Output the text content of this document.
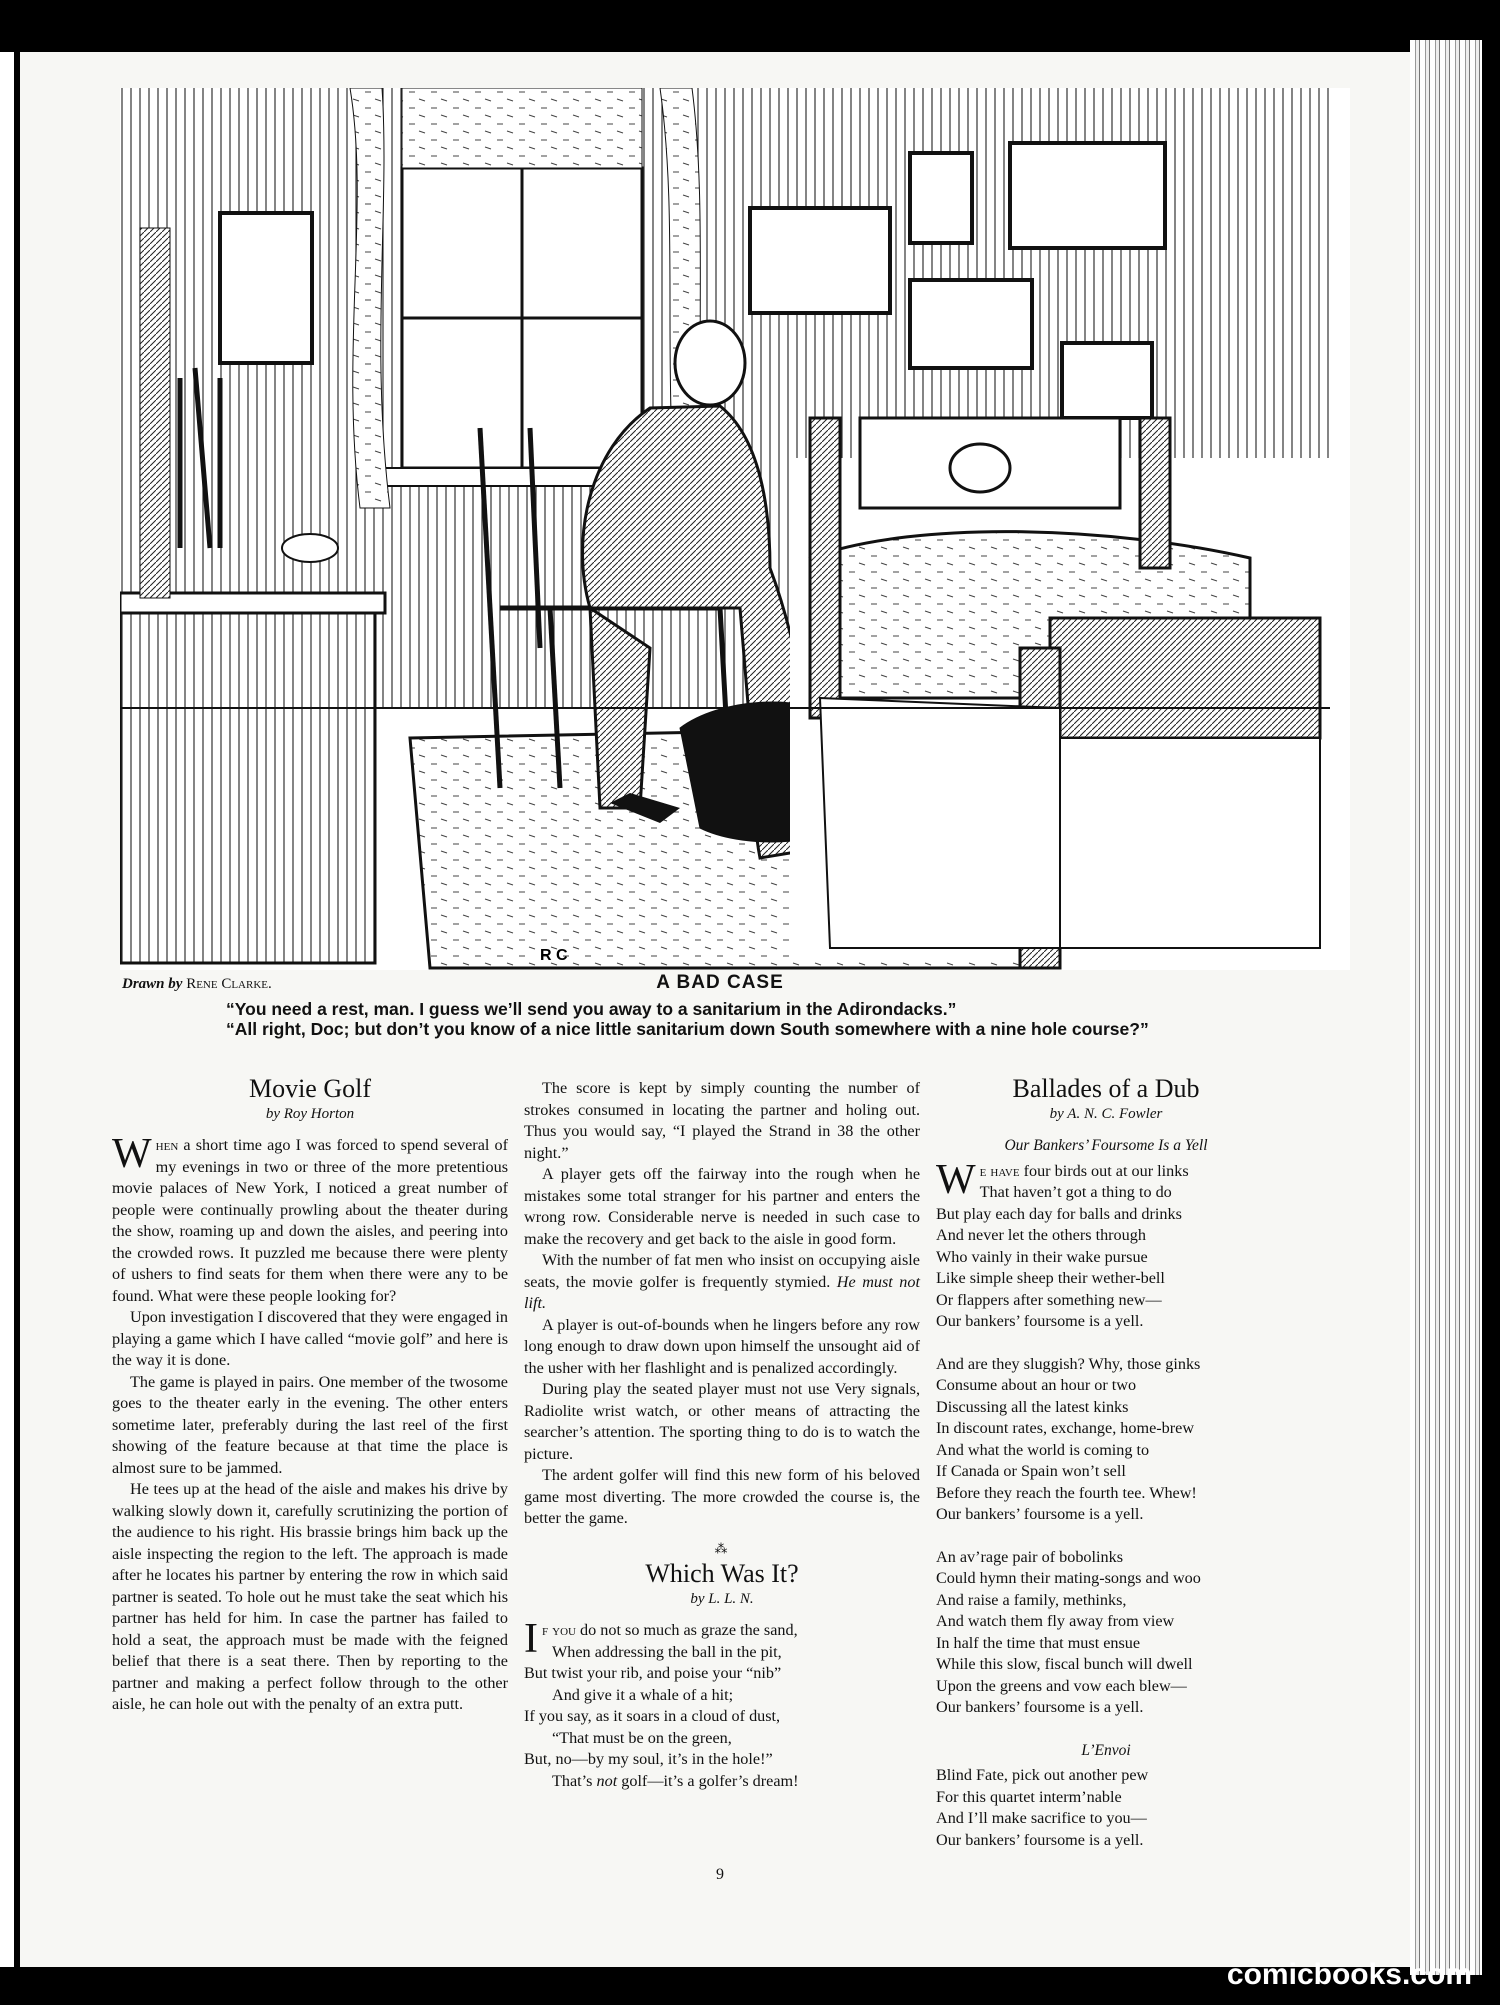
R C
Drawn by Rene Clarke.	A BAD CASE

“You need a rest, man. I guess we’ll send you away to a sanitarium in the Adirondacks.”

“All right, Doc; but don’t you know of a nice little sanitarium down South somewhere with a nine hole course?”

Movie Golf
by Roy Horton

When a short time ago I was forced to spend several of my evenings in two or three of the more pretentious movie palaces of New York, I noticed a great number of people were continually prowling about the theater during the show, roaming up and down the aisles, and peering into the crowded rows. It puzzled me because there were plenty of ushers to find seats for them when there were any to be found. What were these people looking for?

Upon investigation I discovered that they were engaged in playing a game which I have called “movie golf” and here is the way it is done.

The game is played in pairs. One member of the twosome goes to the theater early in the evening. The other enters sometime later, preferably during the last reel of the first showing of the feature because at that time the place is almost sure to be jammed.

He tees up at the head of the aisle and makes his drive by walking slowly down it, carefully scrutinizing the portion of the audience to his right. His brassie brings him back up the aisle inspecting the region to the left. The approach is made after he locates his partner by entering the row in which said partner is seated. To hole out he must take the seat which his partner has held for him. In case the partner has failed to hold a seat, the approach must be made with the feigned belief that there is a seat there. Then by reporting to the partner and making a perfect follow through to the other aisle, he can hole out with the penalty of an extra putt.

The score is kept by simply counting the number of strokes consumed in locating the partner and holing out. Thus you would say, “I played the Strand in 38 the other night.”

A player gets off the fairway into the rough when he mistakes some total stranger for his partner and enters the wrong row. Considerable nerve is needed in such case to make the recovery and get back to the aisle in good form.

With the number of fat men who insist on occupying aisle seats, the movie golfer is frequently stymied. He must not lift.

A player is out-of-bounds when he lingers before any row long enough to draw down upon himself the unsought aid of the usher with her flashlight and is penalized accordingly.

During play the seated player must not use Very signals, Radiolite wrist watch, or other means of attracting the searcher’s attention. The sporting thing to do is to watch the picture.

The ardent golfer will find this new form of his beloved game most diverting. The more crowded the course is, the better the game.

⁂
Which Was It?
by L. L. N.
If you do not so much as graze the sand,
When addressing the ball in the pit,
But twist your rib, and poise your “nib”
And give it a whale of a hit;
If you say, as it soars in a cloud of dust,
“That must be on the green,
But, no—by my soul, it’s in the hole!”
That’s not golf—it’s a golfer’s dream!
Ballades of a Dub
by A. N. C. Fowler
Our Bankers’ Foursome Is a Yell
We have four birds out at our links
That haven’t got a thing to do
But play each day for balls and drinks
And never let the others through
Who vainly in their wake pursue
Like simple sheep their wether-bell
Or flappers after something new—
Our bankers’ foursome is a yell.
And are they sluggish? Why, those ginks
Consume about an hour or two
Discussing all the latest kinks
In discount rates, exchange, home-brew
And what the world is coming to
If Canada or Spain won’t sell
Before they reach the fourth tee. Whew!
Our bankers’ foursome is a yell.
An av’rage pair of bobolinks
Could hymn their mating-songs and woo
And raise a family, methinks,
And watch them fly away from view
In half the time that must ensue
While this slow, fiscal bunch will dwell
Upon the greens and vow each blew—
Our bankers’ foursome is a yell.
L’Envoi
Blind Fate, pick out another pew
For this quartet interm’nable
And I’ll make sacrifice to you—
Our bankers’ foursome is a yell.
9
comicbooks.com
